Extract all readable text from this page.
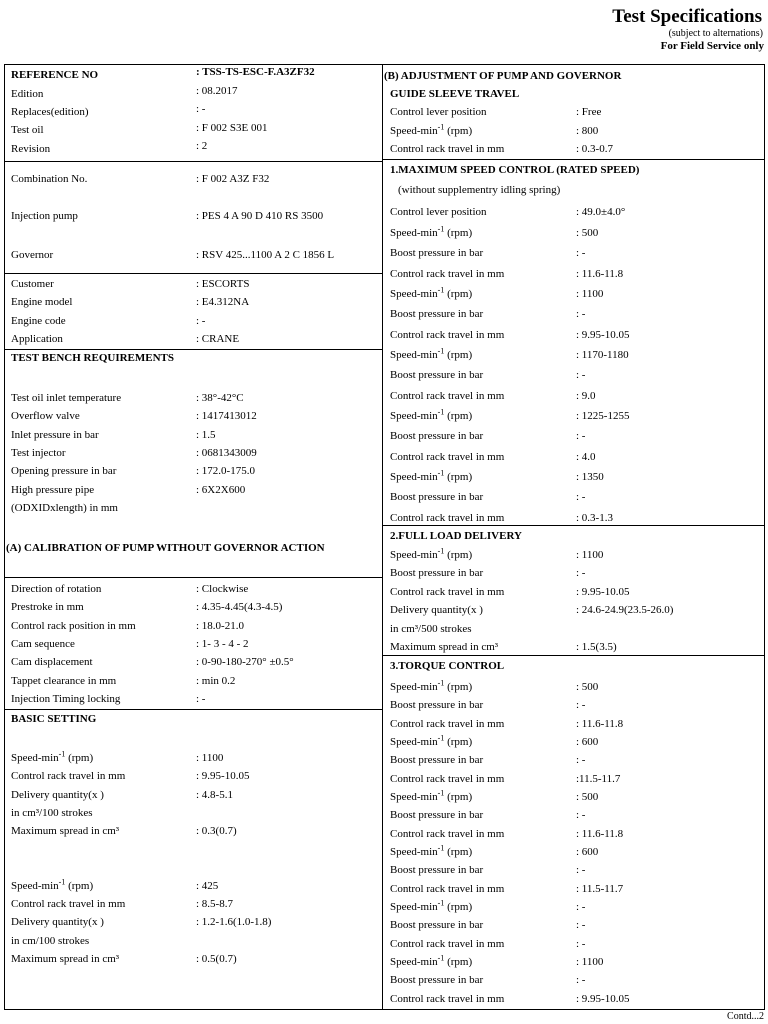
Test Specifications
(subject to alternations)
For Field Service only
REFERENCE NO	: TSS-TS-ESC-F.A3ZF32
Edition	: 08.2017
Replaces(edition)	: -
Test oil	: F 002 S3E 001
Revision	: 2
Combination No.	: F 002 A3Z F32
Injection pump	: PES 4 A 90 D 410 RS 3500
Governor	: RSV 425...1100 A 2 C 1856 L
Customer	: ESCORTS
Engine model	: E4.312NA
Engine code	: -
Application	: CRANE
TEST BENCH REQUIREMENTS
Test oil inlet temperature	: 38°-42°C
Overflow valve	: 1417413012
Inlet pressure in bar	: 1.5
Test injector	: 0681343009
Opening pressure in bar	: 172.0-175.0
High pressure pipe	: 6X2X600
(ODXIDxlength) in mm
(A) CALIBRATION OF PUMP WITHOUT GOVERNOR ACTION
Direction of rotation	: Clockwise
Prestroke in mm	: 4.35-4.45(4.3-4.5)
Control rack position in mm	: 18.0-21.0
Cam sequence	: 1- 3 - 4 - 2
Cam displacement	: 0-90-180-270° ±0.5°
Tappet clearance in mm	: min 0.2
Injection Timing locking	: -
BASIC SETTING
Speed-$\min^{-1}$ (rpm)	: 1100
Control rack travel in mm	: 9.95-10.05
Delivery quantity(x )	: 4.8-5.1
in cm³/100 strokes
Maximum spread in cm³	: 0.3(0.7)
Speed-$\min^{-1}$ (rpm)	: 425
Control rack travel in mm	: 8.5-8.7
Delivery quantity(x )	: 1.2-1.6(1.0-1.8)
in cm/100 strokes
Maximum spread in cm³	: 0.5(0.7)
(B) ADJUSTMENT OF PUMP AND GOVERNOR
GUIDE SLEEVE TRAVEL
Control lever position	: Free
Speed-$\min^{-1}$ (rpm)	: 800
Control rack travel in mm	: 0.3-0.7
1.MAXIMUM SPEED CONTROL (RATED SPEED)
(without supplementry idling spring)
Control lever position	: 49.0±4.0°
Speed-$\min^{-1}$ (rpm)	: 500
Boost pressure in bar	: -
Control rack travel in mm	: 11.6-11.8
Speed-$\min^{-1}$ (rpm)	: 1100
Boost pressure in bar	: -
Control rack travel in mm	: 9.95-10.05
Speed-$\min^{-1}$ (rpm)	: 1170-1180
Boost pressure in bar	: -
Control rack travel in mm	: 9.0
Speed-$\min^{-1}$ (rpm)	: 1225-1255
Boost pressure in bar	: -
Control rack travel in mm	: 4.0
Speed-$\min^{-1}$ (rpm)	: 1350
Boost pressure in bar	: -
Control rack travel in mm	: 0.3-1.3
2.FULL LOAD DELIVERY
Speed-$\min^{-1}$ (rpm)	: 1100
Boost pressure in bar	: -
Control rack travel in mm	: 9.95-10.05
Delivery quantity(x )	: 24.6-24.9(23.5-26.0)
in cm³/500 strokes
Maximum spread in cm³	: 1.5(3.5)
3.TORQUE CONTROL
Speed-$\min^{-1}$ (rpm)	: 500
Boost pressure in bar	: -
Control rack travel in mm	: 11.6-11.8
Speed-$\min^{-1}$ (rpm)	: 600
Boost pressure in bar	: -
Control rack travel in mm	:11.5-11.7
Speed-$\min^{-1}$ (rpm)	: 500
Boost pressure in bar	: -
Control rack travel in mm	: 11.6-11.8
Speed-$\min^{-1}$ (rpm)	: 600
Boost pressure in bar	: -
Control rack travel in mm	: 11.5-11.7
Speed-$\min^{-1}$ (rpm)	: -
Boost pressure in bar	: -
Control rack travel in mm	: -
Speed-$\min^{-1}$ (rpm)	: 1100
Boost pressure in bar	: -
Control rack travel in mm	: 9.95-10.05
Contd...2
